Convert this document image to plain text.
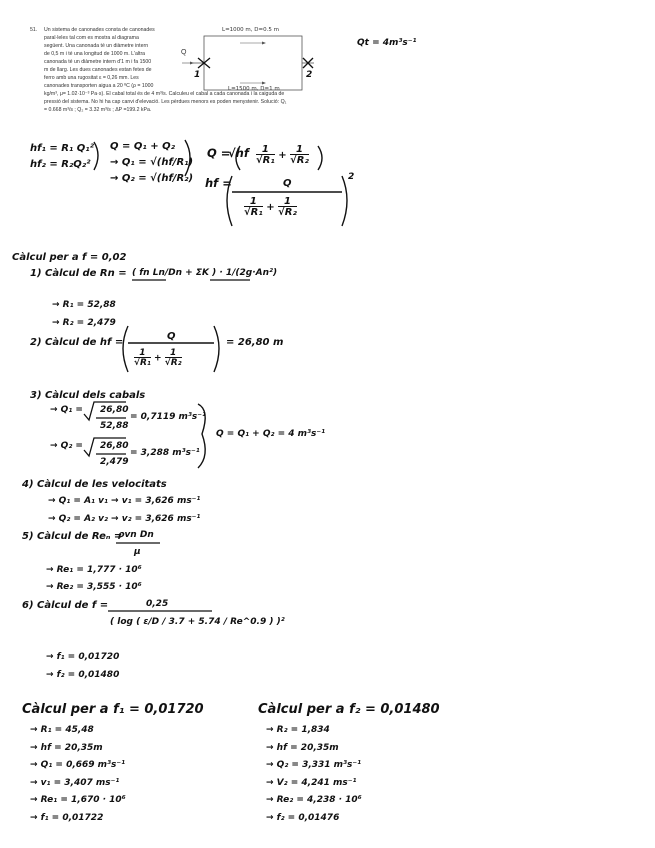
51. Un sistema de canonades consta de canonades
paral·leles tal com es mostra al diagrama
següent. Una canonada té un diàmetre intern
de 0,5 m i té una longitud de 1000 m. L'altra
canonada té un diàmetre intern d'1 m i fa 1500
m de llarg. Les dues canonades estan fetes de
ferro amb una rugositat ε = 0,26 mm. Les
canonades transporten aigua a 20 ºC (ρ = 1000
kg/m³, μ= 1.02·10⁻³ Pa·s). El cabal total és de 4 m³/s. Calculeu el cabal a cada canonada i la caiguda de
pressió del sistema. No hi ha cap canvi d'elevació. Les pèrdues menors es poden menystenir. Solució: Q₁
= 0.668 m³/s ; Q₂ = 3.32 m³/s ; ΔP =199.2 kPa.
L=1000 m, D=0.5 m
L=1500 m, D=1 m
Q
1	2
Qt = 4m³s⁻¹
hf₁ = R₁ Q₁²
hf₂ = R₂Q₂²
Q = Q₁ + Q₂
→ Q₁ = √(hf/R₁)
→ Q₂ = √(hf/R₂)
Q =
$√hf \frac{1}{\text{√R₁}} + \frac{1}{\text{√R₂}}$
hf =	Q
$\frac{1}{\text{√R₁}} + \frac{1}{\text{√R₂}}$
2
Càlcul per a f = 0,02
1) Càlcul de Rn = ( fn Ln/Dn + ΣK ) · 1/(2g·An²)
→ R₁ = 52,88
→ R₂ = 2,479
2) Càlcul de hf =
Q
$\frac{1}{\text{√R₁}} + \frac{1}{\text{√R₂}}$
= 26,80 m
3) Càlcul dels cabals
→ Q₁ = 26,80
52,88
= 0,7119 m³s⁻¹
→ Q₂ = 26,80
2,479
= 3,288 m³s⁻¹
Q = Q₁ + Q₂ = 4 m³s⁻¹
4) Càlcul de les velocitats
→ Q₁ = A₁ v₁ → v₁ = 3,626 ms⁻¹
→ Q₂ = A₂ v₂ → v₂ = 3,626 ms⁻¹
5) Càlcul de Reₙ =
ρvn Dn
μ
→ Re₁ = 1,777 · 10⁶
→ Re₂ = 3,555 · 10⁶
6) Càlcul de f =	0,25
( log ( ε/D / 3.7 + 5.74 / Re^0.9 ) )²
→ f₁ = 0,01720
→ f₂ = 0,01480
Càlcul per a f₁ = 0,01720
→ R₁ = 45,48
→ hf = 20,35m
→ Q₁ = 0,669 m³s⁻¹
→ v₁ = 3,407 ms⁻¹
→ Re₁ = 1,670 · 10⁶
→ f₁ = 0,01722
Càlcul per a f₂ = 0,01480
→ R₂ = 1,834
→ hf = 20,35m
→ Q₂ = 3,331 m³s⁻¹
→ V₂ = 4,241 ms⁻¹
→ Re₂ = 4,238 · 10⁶
→ f₂ = 0,01476
